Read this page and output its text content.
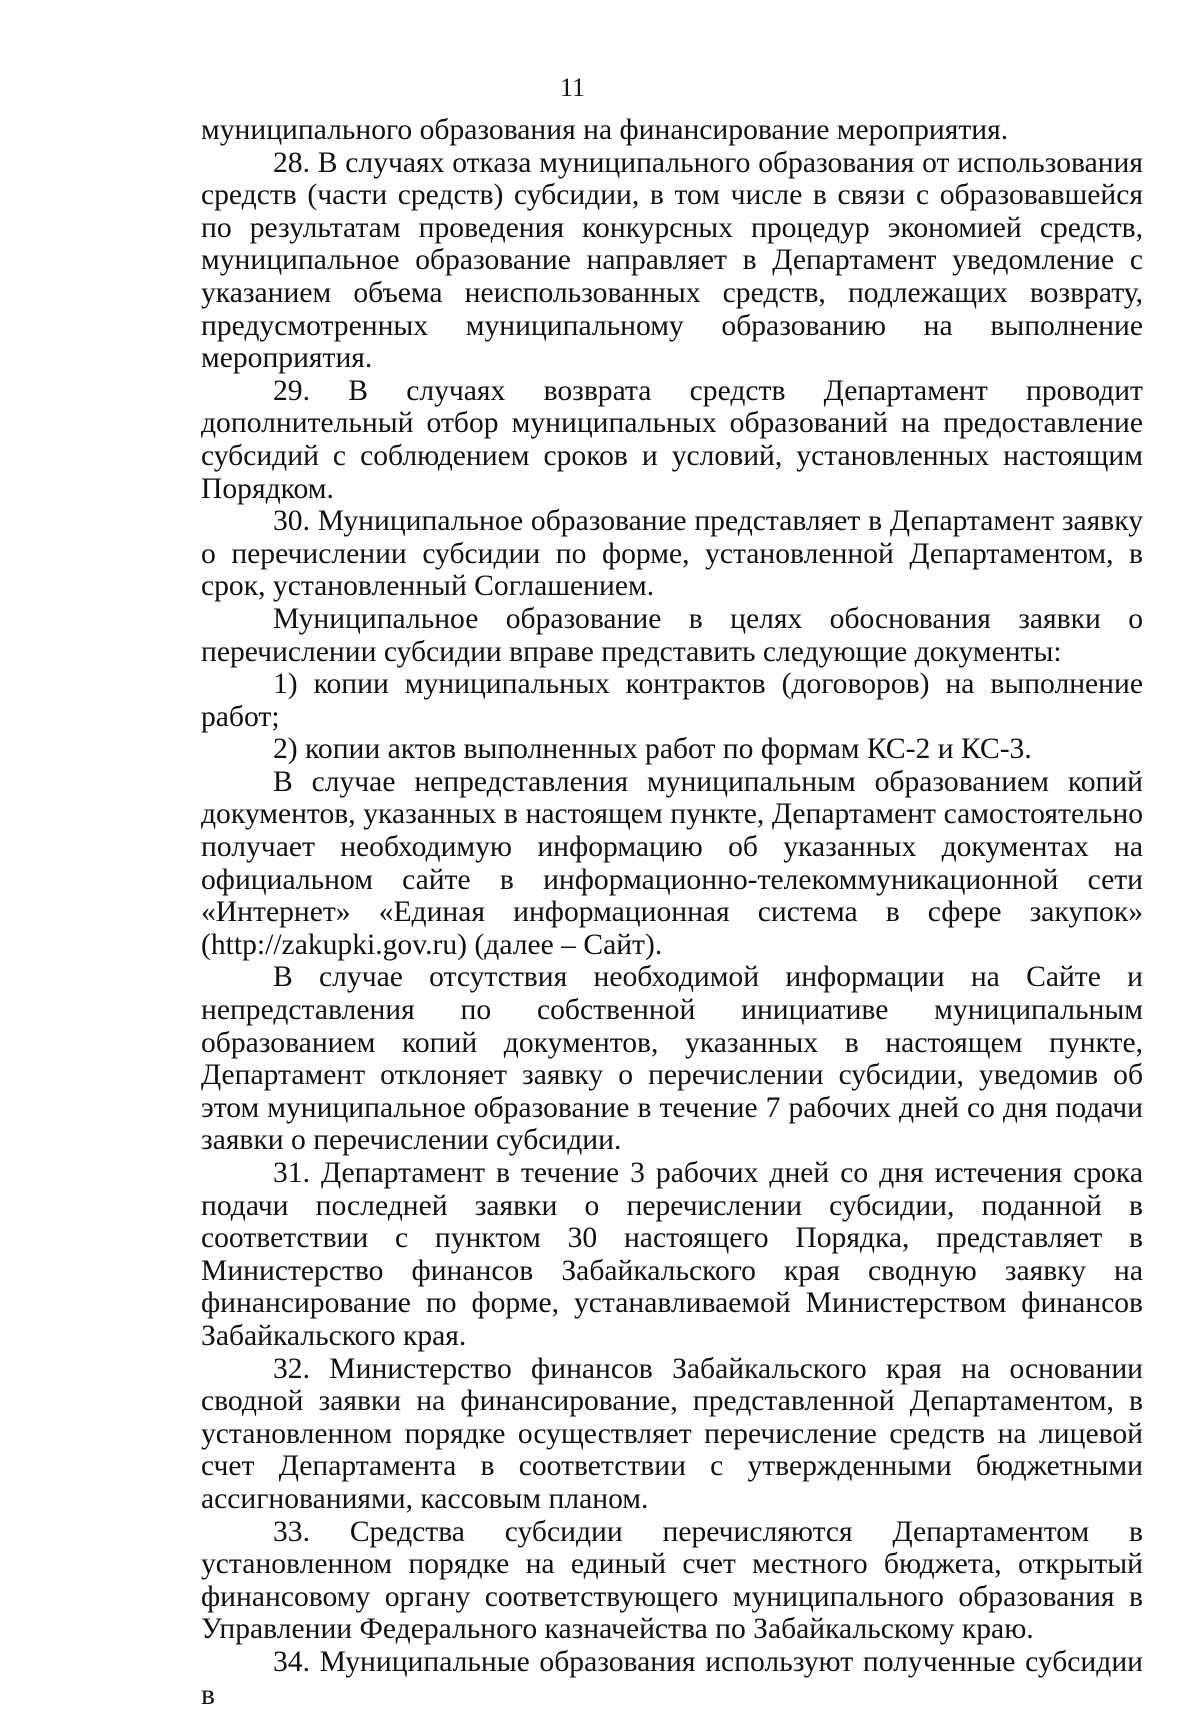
11

муниципального образования на финансирование мероприятия.

28. В случаях отказа муниципального образования от использования средств (части средств) субсидии, в том числе в связи с образовавшейся по результатам проведения конкурсных процедур экономией средств, муниципальное образование направляет в Департамент уведомление с указанием объема неиспользованных средств, подлежащих возврату, предусмотренных муниципальному образованию на выполнение мероприятия.

29. В случаях возврата средств Департамент проводит дополнительный отбор муниципальных образований на предоставление субсидий с соблюдением сроков и условий, установленных настоящим Порядком.

30. Муниципальное образование представляет в Департамент заявку о перечислении субсидии по форме, установленной Департаментом, в срок, установленный Соглашением.

Муниципальное образование в целях обоснования заявки о перечислении субсидии вправе представить следующие документы:

1) копии муниципальных контрактов (договоров) на выполнение работ;

2) копии актов выполненных работ по формам КС-2 и КС-3.

В случае непредставления муниципальным образованием копий документов, указанных в настоящем пункте, Департамент самостоятельно получает необходимую информацию об указанных документах на официальном сайте в информационно-телекоммуникационной сети «Интернет» «Единая информационная система в сфере закупок» (http://zakupki.gov.ru) (далее – Сайт).

В случае отсутствия необходимой информации на Сайте и непредставления по собственной инициативе муниципальным образованием копий документов, указанных в настоящем пункте, Департамент отклоняет заявку о перечислении субсидии, уведомив об этом муниципальное образование в течение 7 рабочих дней со дня подачи заявки о перечислении субсидии.

31. Департамент в течение 3 рабочих дней со дня истечения срока подачи последней заявки о перечислении субсидии, поданной в соответствии с пунктом 30 настоящего Порядка, представляет в Министерство финансов Забайкальского края сводную заявку на финансирование по форме, устанавливаемой Министерством финансов Забайкальского края.

32. Министерство финансов Забайкальского края на основании сводной заявки на финансирование, представленной Департаментом, в установленном порядке осуществляет перечисление средств на лицевой счет Департамента в соответствии с утвержденными бюджетными ассигнованиями, кассовым планом.

33. Средства субсидии перечисляются Департаментом в установленном порядке на единый счет местного бюджета, открытый финансовому органу соответствующего муниципального образования в Управлении Федерального казначейства по Забайкальскому краю.

34. Муниципальные образования используют полученные субсидии в
